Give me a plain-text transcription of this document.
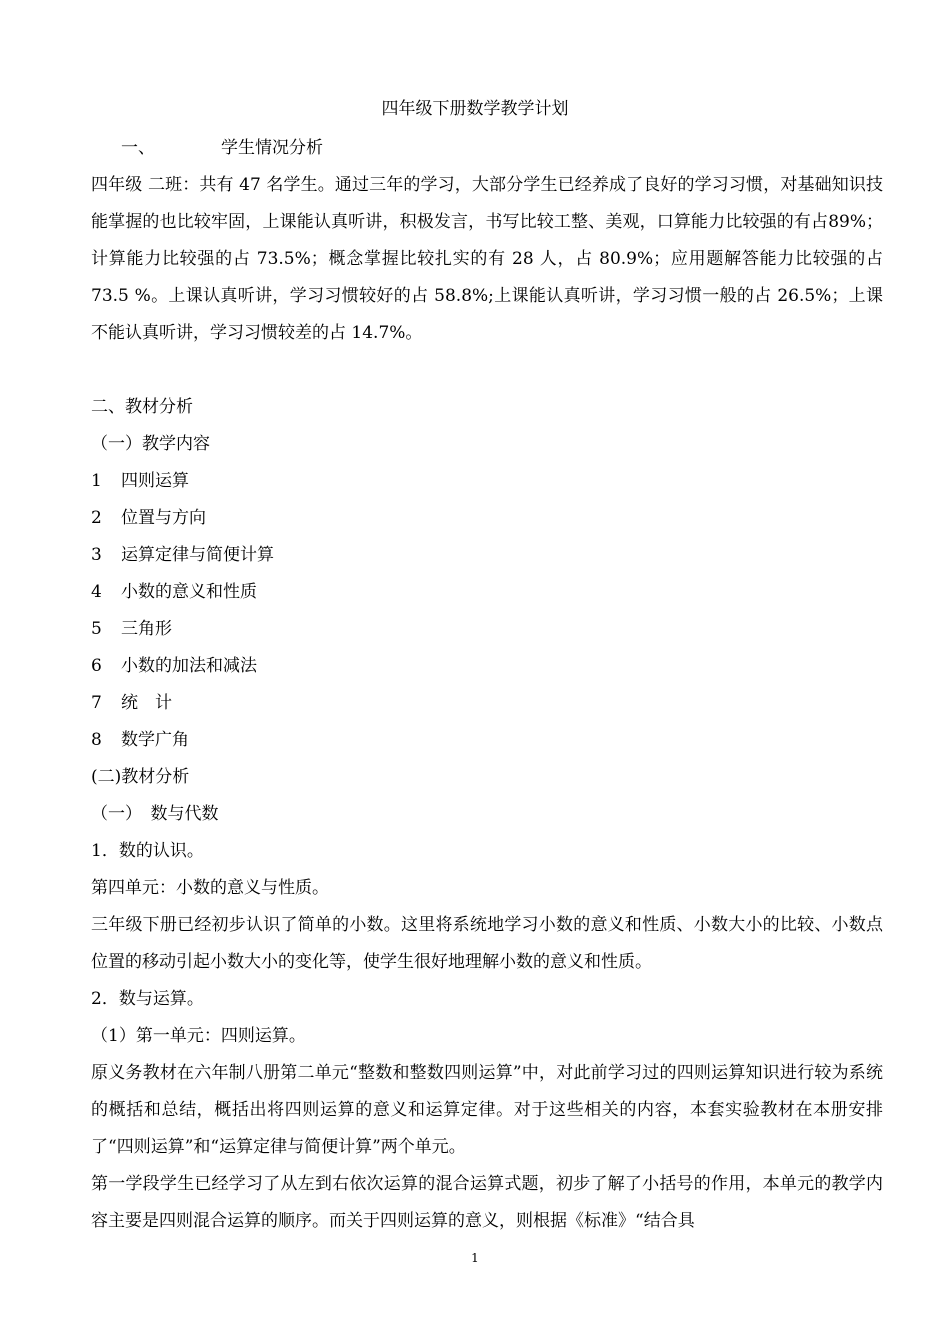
四年级下册数学教学计划
一、	学生情况分析

四年级 二班：共有 47 名学生。通过三年的学习，大部分学生已经养成了良好的学习习惯，对基础知识技能掌握的也比较牢固，上课能认真听讲，积极发言，书写比较工整、美观，口算能力比较强的有占89%；计算能力比较强的占 73.5%；概念掌握比较扎实的有 28 人，占 80.9%；应用题解答能力比较强的占　 73.5 %。上课认真听讲，学习习惯较好的占 58.8%;上课能认真听讲，学习习惯一般的占 26.5%；上课不能认真听讲，学习习惯较差的占 14.7%。

二、教材分析
（一）教学内容
1 四则运算
2 位置与方向
3 运算定律与简便计算
4 小数的意义和性质
5 三角形
6 小数的加法和减法
7 统　计
8 数学广角
(二)教材分析
（一）　数与代数
1．数的认识。
第四单元：小数的意义与性质。

三年级下册已经初步认识了简单的小数。这里将系统地学习小数的意义和性质、小数大小的比较、小数点位置的移动引起小数大小的变化等，使学生很好地理解小数的意义和性质。

2．数与运算。
（1）第一单元：四则运算。

原义务教材在六年制八册第二单元“整数和整数四则运算”中，对此前学习过的四则运算知识进行较为系统的概括和总结，概括出将四则运算的意义和运算定律。对于这些相关的内容，本套实验教材在本册安排了“四则运算”和“运算定律与简便计算”两个单元。

第一学段学生已经学习了从左到右依次运算的混合运算式题，初步了解了小括号的作用，本单元的教学内容主要是四则混合运算的顺序。而关于四则运算的意义，则根据《标准》“结合具

1
